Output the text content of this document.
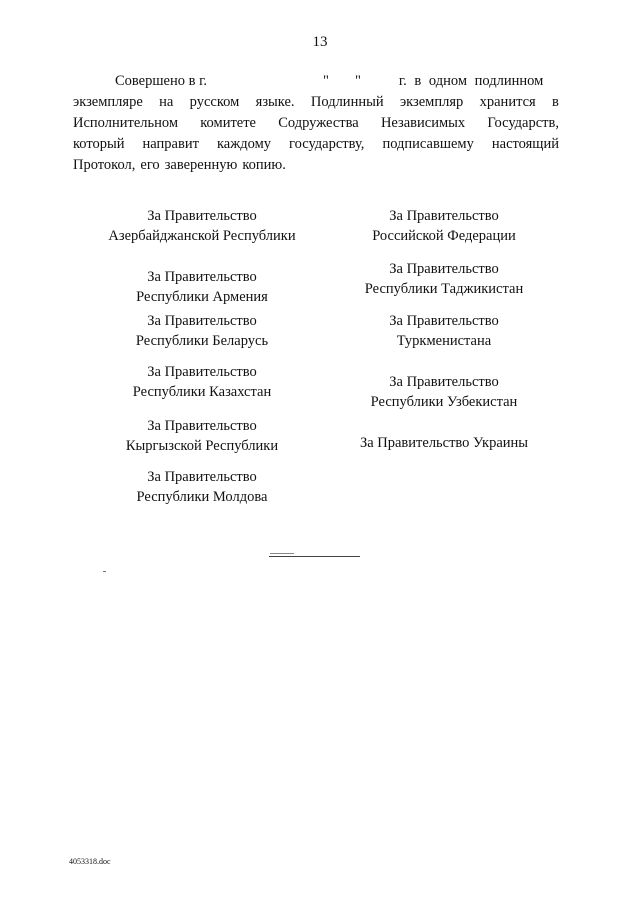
13
Совершено в г.	" "	г. в одном подлинном
экземпляре на русском языке. Подлинный экземпляр хранится в
Исполнительном комитете Содружества Независимых Государств,
который направит каждому государству, подписавшему настоящий
Протокол, его заверенную копию.
За Правительство
Азербайджанской Республики
За Правительство
Республики Армения
За Правительство
Республики Беларусь
За Правительство
Республики Казахстан
За Правительство
Кыргызской Республики
За Правительство
Республики Молдова
За Правительство
Российской Федерации
За Правительство
Республики Таджикистан
За Правительство
Туркменистана
За Правительство
Республики Узбекистан
За Правительство Украины
4053318.doc
